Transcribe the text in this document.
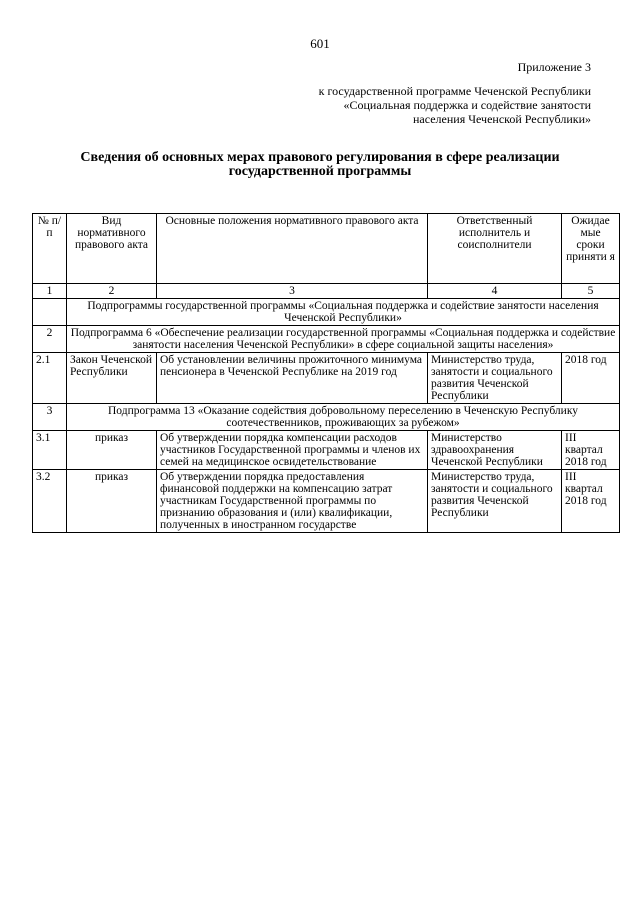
601
Приложение 3
к государственной программе Чеченской Республики
«Социальная поддержка и содействие занятости
населения Чеченской Республики»
Сведения об основных мерах правового регулирования в сфере реализации
государственной программы
№ п/п	Вид нормативного правового акта	Основные положения нормативного правового акта	Ответственный исполнитель и соисполнители	Ожидае мые сроки приняти я
1	2	3	4	5
	Подпрограммы государственной программы «Социальная поддержка и содействие занятости населения Чеченской Республики»			
2	Подпрограмма 6 «Обеспечение реализации государственной программы «Социальная поддержка и содействие занятости населения Чеченской Республики» в сфере социальной защиты населения»			
2.1	Закон Чеченской Республики	Об установлении величины прожиточного минимума пенсионера в Чеченской Республике на 2019 год	Министерство труда, занятости и социального развития Чеченской Республики	2018 год
3	Подпрограмма 13 «Оказание содействия добровольному переселению в Чеченскую Республику соотечественников, проживающих за рубежом»			
3.1	приказ	Об утверждении порядка компенсации расходов участников Государственной программы и членов их семей на медицинское освидетельствование	Министерство здравоохранения Чеченской Республики	III квартал 2018 год
3.2	приказ	Об утверждении порядка предоставления финансовой поддержки на компенсацию затрат участникам Государственной программы по признанию образования и (или) квалификации, полученных в иностранном государстве	Министерство труда, занятости и социального развития Чеченской Республики	III квартал 2018 год
